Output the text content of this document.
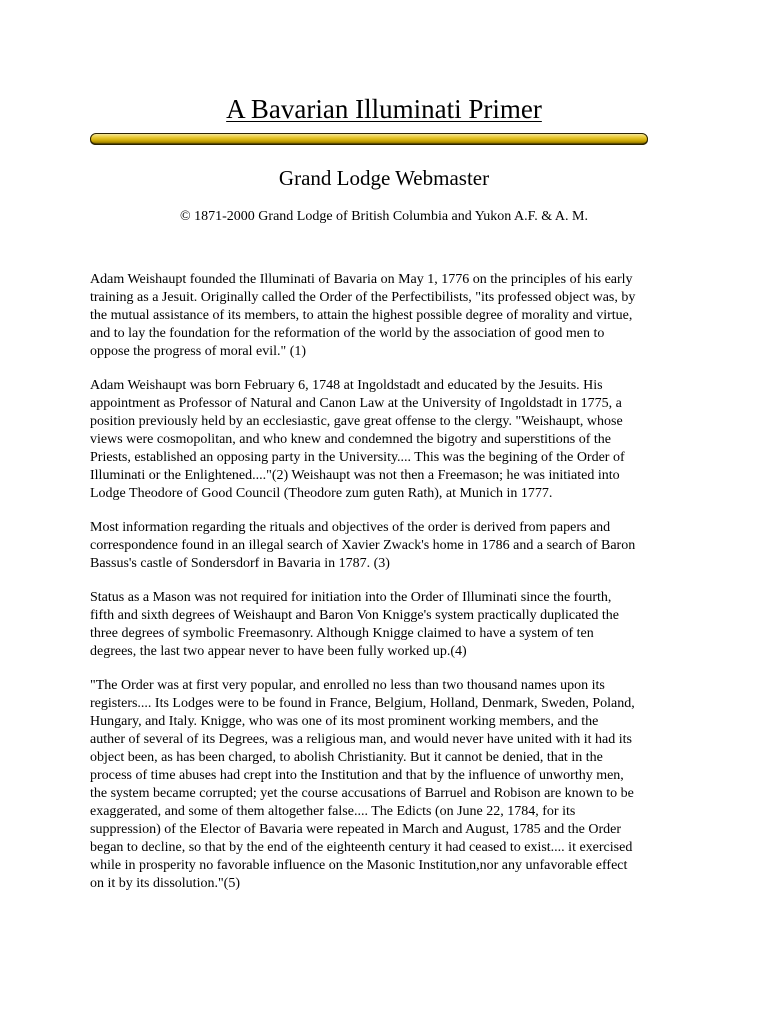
A Bavarian Illuminati Primer
Grand Lodge Webmaster
© 1871-2000 Grand Lodge of British Columbia and Yukon A.F. & A. M.

Adam Weishaupt founded the Illuminati of Bavaria on May 1, 1776 on the principles of his early
training as a Jesuit. Originally called the Order of the Perfectibilists, "its professed object was, by
the mutual assistance of its members, to attain the highest possible degree of morality and virtue,
and to lay the foundation for the reformation of the world by the association of good men to
oppose the progress of moral evil." (1)

Adam Weishaupt was born February 6, 1748 at Ingoldstadt and educated by the Jesuits. His
appointment as Professor of Natural and Canon Law at the University of Ingoldstadt in 1775, a
position previously held by an ecclesiastic, gave great offense to the clergy. "Weishaupt, whose
views were cosmopolitan, and who knew and condemned the bigotry and superstitions of the
Priests, established an opposing party in the University.... This was the begining of the Order of
Illuminati or the Enlightened...."(2) Weishaupt was not then a Freemason; he was initiated into
Lodge Theodore of Good Council (Theodore zum guten Rath), at Munich in 1777.

Most information regarding the rituals and objectives of the order is derived from papers and
correspondence found in an illegal search of Xavier Zwack's home in 1786 and a search of Baron
Bassus's castle of Sondersdorf in Bavaria in 1787. (3)

Status as a Mason was not required for initiation into the Order of Illuminati since the fourth,
fifth and sixth degrees of Weishaupt and Baron Von Knigge's system practically duplicated the
three degrees of symbolic Freemasonry. Although Knigge claimed to have a system of ten
degrees, the last two appear never to have been fully worked up.(4)

"The Order was at first very popular, and enrolled no less than two thousand names upon its
registers.... Its Lodges were to be found in France, Belgium, Holland, Denmark, Sweden, Poland,
Hungary, and Italy. Knigge, who was one of its most prominent working members, and the
auther of several of its Degrees, was a religious man, and would never have united with it had its
object been, as has been charged, to abolish Christianity. But it cannot be denied, that in the
process of time abuses had crept into the Institution and that by the influence of unworthy men,
the system became corrupted; yet the course accusations of Barruel and Robison are known to be
exaggerated, and some of them altogether false.... The Edicts (on June 22, 1784, for its
suppression) of the Elector of Bavaria were repeated in March and August, 1785 and the Order
began to decline, so that by the end of the eighteenth century it had ceased to exist.... it exercised
while in prosperity no favorable influence on the Masonic Institution,nor any unfavorable effect
on it by its dissolution."(5)
